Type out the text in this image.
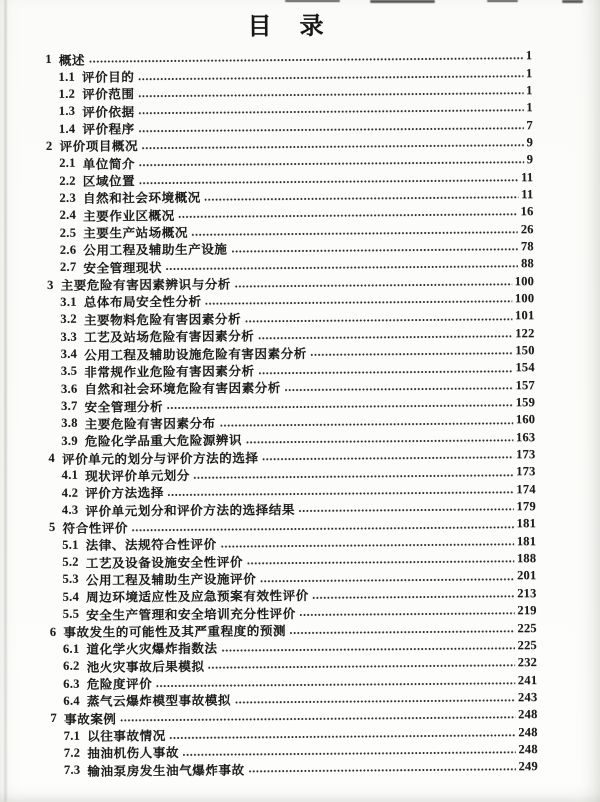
目　录
1 概述	1
1.1 评价目的	1
1.2 评价范围	1
1.3 评价依据	1
1.4 评价程序	7
2 评价项目概况	9
2.1 单位简介	9
2.2 区域位置	11
2.3 自然和社会环境概况	11
2.4 主要作业区概况	16
2.5 主要生产站场概况	26
2.6 公用工程及辅助生产设施	78
2.7 安全管理现状	88
3 主要危险有害因素辨识与分析	100
3.1 总体布局安全性分析	100
3.2 主要物料危险有害因素分析	101
3.3 工艺及站场危险有害因素分析	122
3.4 公用工程及辅助设施危险有害因素分析	150
3.5 非常规作业危险有害因素分析	154
3.6 自然和社会环境危险有害因素分析	157
3.7 安全管理分析	159
3.8 主要危险有害因素分布	160
3.9 危险化学品重大危险源辨识	163
4 评价单元的划分与评价方法的选择	173
4.1 现状评价单元划分	173
4.2 评价方法选择	174
4.3 评价单元划分和评价方法的选择结果	179
5 符合性评价	181
5.1 法律、法规符合性评价	181
5.2 工艺及设备设施安全性评价	188
5.3 公用工程及辅助生产设施评价	201
5.4 周边环境适应性及应急预案有效性评价	213
5.5 安全生产管理和安全培训充分性评价	219
6 事故发生的可能性及其严重程度的预测	225
6.1 道化学火灾爆炸指数法	225
6.2 池火灾事故后果模拟	232
6.3 危险度评价	241
6.4 蒸气云爆炸模型事故模拟	243
7 事故案例	248
7.1 以往事故情况	248
7.2 抽油机伤人事故	248
7.3 输油泵房发生油气爆炸事故	249
